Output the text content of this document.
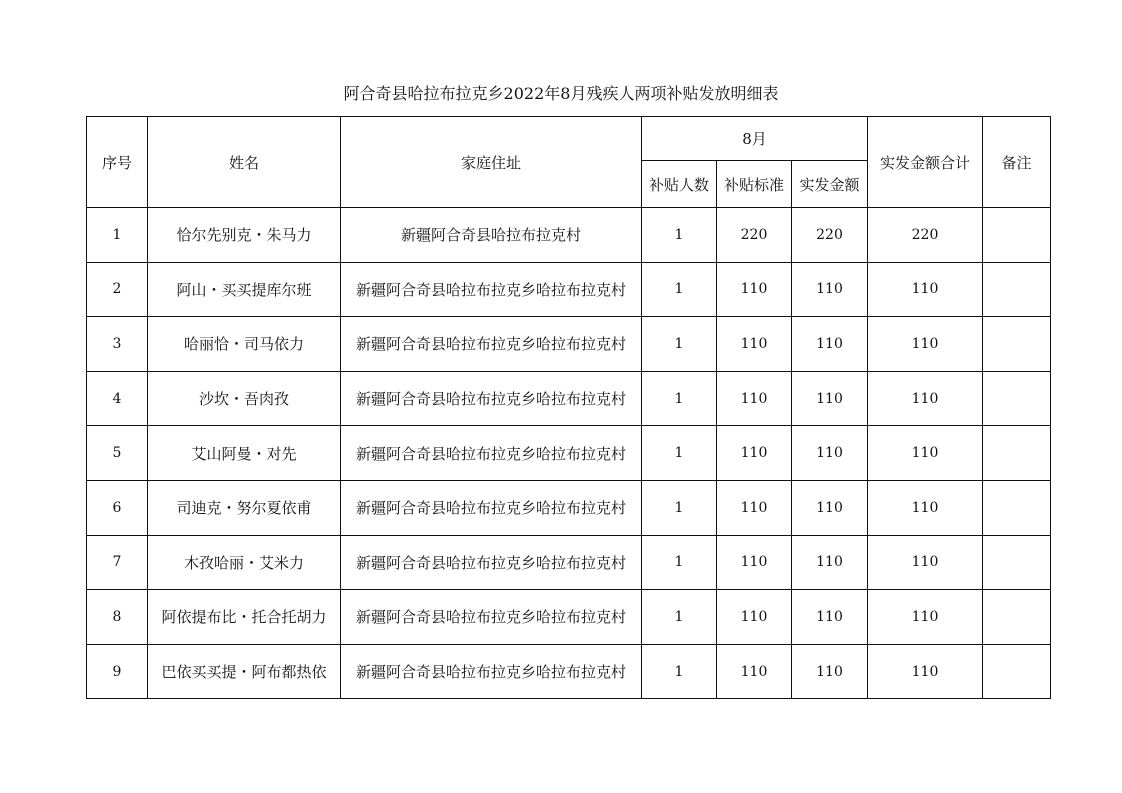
阿合奇县哈拉布拉克乡2022年8月残疾人两项补贴发放明细表
序号	姓名	家庭住址	8月			实发金额合计	备注
			补贴人数	补贴标准	实发金额		
1	恰尔先别克・朱马力	新疆阿合奇县哈拉布拉克村	1	220	220	220	
2	阿山・买买提库尔班	新疆阿合奇县哈拉布拉克乡哈拉布拉克村	1	110	110	110	
3	哈丽恰・司马依力	新疆阿合奇县哈拉布拉克乡哈拉布拉克村	1	110	110	110	
4	沙坎・吾肉孜	新疆阿合奇县哈拉布拉克乡哈拉布拉克村	1	110	110	110	
5	艾山阿曼・对先	新疆阿合奇县哈拉布拉克乡哈拉布拉克村	1	110	110	110	
6	司迪克・努尔夏依甫	新疆阿合奇县哈拉布拉克乡哈拉布拉克村	1	110	110	110	
7	木孜哈丽・艾米力	新疆阿合奇县哈拉布拉克乡哈拉布拉克村	1	110	110	110	
8	阿依提布比・托合托胡力	新疆阿合奇县哈拉布拉克乡哈拉布拉克村	1	110	110	110	
9	巴依买买提・阿布都热依	新疆阿合奇县哈拉布拉克乡哈拉布拉克村	1	110	110	110	
